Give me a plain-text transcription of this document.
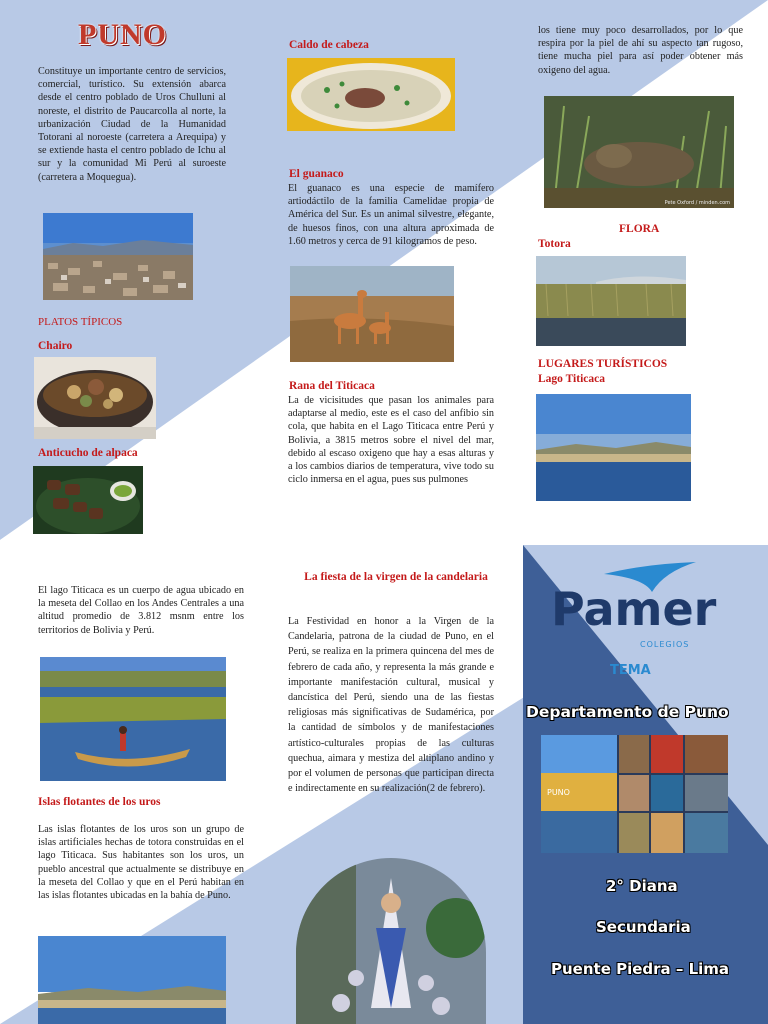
PUNO

Constituye un importante centro de servicios, comercial, turístico. Su extensión abarca desde el centro poblado de Uros Chulluni al noreste, el distrito de Paucarcolla al norte, la urbanización Ciudad de la Humanidad Totorani al noroeste (carretera a Arequipa) y se extiende hasta el centro poblado de Ichu al sur y la comunidad Mi Perú al suroeste (carretera a Moquegua).

PLATOS TÍPICOS
Chairo
Anticucho de alpaca
Caldo de cabeza
El guanaco

El guanaco es una especie de mamífero artiodáctilo de la familia Camelidae propia de América del Sur. Es un animal silvestre, elegante, de huesos finos, con una altura aproximada de 1.60 metros y cerca de 91 kilogramos de peso.

Rana del Titicaca

La de vicisitudes que pasan los animales para adaptarse al medio, este es el caso del anfibio sin cola, que habita en el Lago Titicaca entre Perú y Bolivia, a 3815 metros sobre el nivel del mar, debido al escaso oxigeno que hay a esas alturas y a los cambios diarios de temperatura, vive todo su ciclo inmersa en el agua, pues sus pulmones

los tiene muy poco desarrollados, por lo que respira por la piel de ahí su aspecto tan rugoso, tiene mucha piel para así poder obtener más oxigeno del agua.

Pete Oxford / minden.com
FLORA
Totora
LUGARES TURÍSTICOS
Lago Titicaca

El lago Titicaca es un cuerpo de agua ubicado en la meseta del Collao en los Andes Centrales a una altitud promedio de 3.812 msnm entre los territorios de Bolivia y Perú.

Islas flotantes de los uros

Las islas flotantes de los uros son un grupo de islas artificiales hechas de totora construidas en el lago Titicaca. Sus habitantes son los uros, un pueblo ancestral que actualmente se distribuye en la meseta del Collao y que en el Perú habitan en las islas flotantes ubicadas en la bahía de Puno.

La fiesta de la virgen de la candelaria

La Festividad en honor a la Virgen de la Candelaria, patrona de la ciudad de Puno, en el Perú, se realiza en la primera quincena del mes de febrero de cada año, y representa la más grande e importante manifestación cultural, musical y dancística del Perú, siendo una de las fiestas religiosas más significativas de Sudamérica, por la cantidad de símbolos y de manifestaciones artístico-culturales propias de las culturas quechua, aimara y mestiza del altiplano andino y por el volumen de personas que participan directa e indirectamente en su realización(2 de febrero).

Pamer
COLEGIOS
TEMA
Departamento de Puno
PUNO
2° Diana
Secundaria
Puente Piedra – Lima
